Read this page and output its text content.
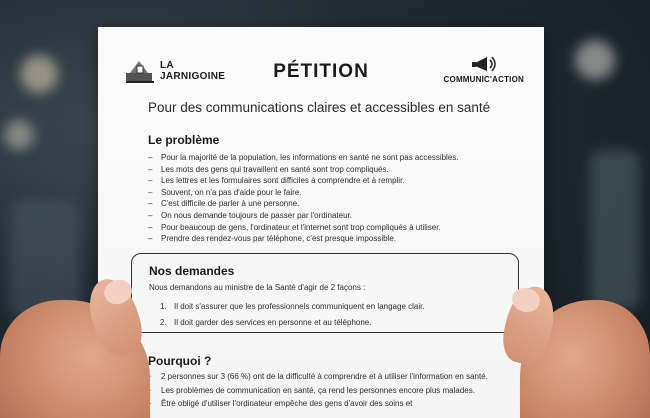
LA
JARNIGOINE	PÉTITION	COMMUNIC'ACTION
Pour des communications claires et accessibles en santé
Le problème
– Pour la majorité de la population, les informations en santé ne sont pas accessibles.
– Les mots des gens qui travaillent en santé sont trop compliqués.
– Les lettres et les formulaires sont difficiles à comprendre et à remplir.
– Souvent, on n'a pas d'aide pour le faire.
– C'est difficile de parler à une personne.
– On nous demande toujours de passer par l'ordinateur.
– Pour beaucoup de gens, l'ordinateur et l'internet sont trop compliqués à utiliser.
– Prendre des rendez-vous par téléphone, c'est presque impossible.
Nos demandes
Nous demandons au ministre de la Santé d'agir de 2 façons :
1. Il doit s'assurer que les professionnels communiquent en langage clair.
2. Il doit garder des services en personne et au téléphone.
Pourquoi ?
2 personnes sur 3 (66 %) ont de la difficulté à comprendre et à utiliser l'information en santé.
Les problèmes de communication en santé, ça rend les personnes encore plus malades.
Être obligé d'utiliser l'ordinateur empêche des gens d'avoir des soins et
